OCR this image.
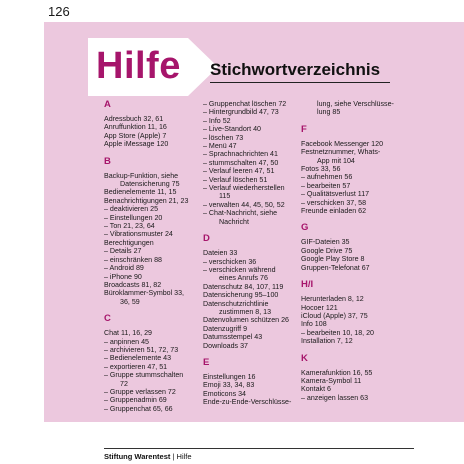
126
Hilfe Stichwortverzeichnis
A
Adressbuch 32, 61
Anruffunktion 11, 16
App Store (Apple) 7
Apple iMessage 120
B
Backup-Funktion, siehe
Datensicherung 75
Bedienelemente 11, 15
Benachrichtigungen 21, 23
– deaktivieren 25
– Einstellungen 20
– Ton 21, 23, 64
– Vibrationsmuster 24
Berechtigungen
– Details 27
– einschränken 88
– Android 89
– iPhone 90
Broadcasts 81, 82
Büroklammer-Symbol 33,
36, 59
C
Chat 11, 16, 29
– anpinnen 45
– archivieren 51, 72, 73
– Bedienelemente 43
– exportieren 47, 51
– Gruppe stummschalten
72
– Gruppe verlassen 72
– Gruppenadmin 69
– Gruppenchat 65, 66
– Gruppenchat löschen 72
– Hintergrundbild 47, 73
– Info 52
– Live-Standort 40
– löschen 73
– Menü 47
– Sprachnachrichten 41
– stummschalten 47, 50
– Verlauf leeren 47, 51
– Verlauf löschen 51
– Verlauf wiederherstellen
115
– verwalten 44, 45, 50, 52
– Chat-Nachricht, siehe
Nachricht
D
Dateien 33
– verschicken 36
– verschicken während
eines Anrufs 76
Datenschutz 84, 107, 119
Datensicherung 95–100
Datenschutzrichtlinie
zustimmen 8, 13
Datenvolumen schützen 26
Datenzugriff 9
Datumsstempel 43
Downloads 37
E
Einstellungen 16
Emoji 33, 34, 83
Emoticons 34
Ende-zu-Ende-Verschlüsse-
lung, siehe Verschlüsse-
lung 85
F
Facebook Messenger 120
Festnetznummer, Whats-
App mit 104
Fotos 33, 56
– aufnehmen 56
– bearbeiten 57
– Qualitätsverlust 117
– verschicken 37, 58
Freunde einladen 62
G
GIF-Dateien 35
Google Drive 75
Google Play Store 8
Gruppen-Telefonat 67
H/I
Herunterladen 8, 12
Hocoer 121
iCloud (Apple) 37, 75
Info 108
– bearbeiten 10, 18, 20
Installation 7, 12
K
Kamerafunktion 16, 55
Kamera-Symbol 11
Kontakt 6
– anzeigen lassen 63
Stiftung Warentest | Hilfe
